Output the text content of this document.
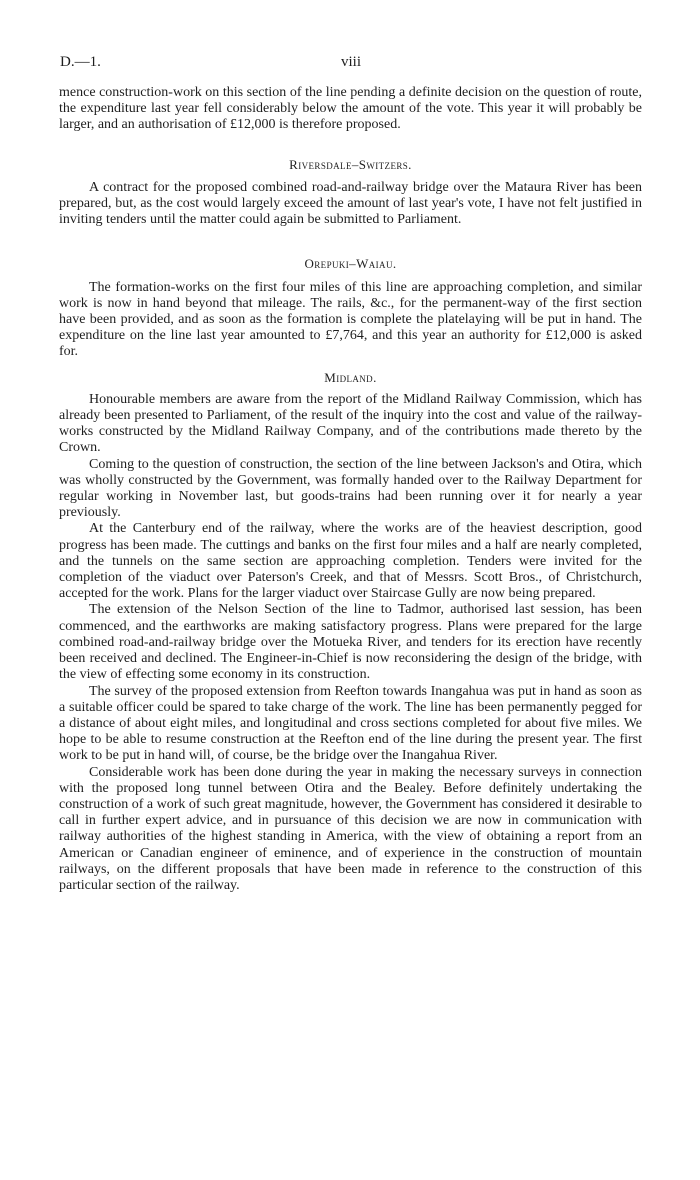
D.—1.	viii

mence construction-work on this section of the line pending a definite decision on the question of route, the expenditure last year fell considerably below the amount of the vote. This year it will probably be larger, and an authorisation of £12,000 is therefore proposed.

Riversdale–Switzers.

A contract for the proposed combined road-and-railway bridge over the Mataura River has been prepared, but, as the cost would largely exceed the amount of last year's vote, I have not felt justified in inviting tenders until the matter could again be submitted to Parliament.

Orepuki–Waiau.

The formation-works on the first four miles of this line are approaching completion, and similar work is now in hand beyond that mileage. The rails, &c., for the permanent-way of the first section have been provided, and as soon as the formation is complete the platelaying will be put in hand. The expenditure on the line last year amounted to £7,764, and this year an authority for £12,000 is asked for.

Midland.

Honourable members are aware from the report of the Midland Railway Commission, which has already been presented to Parliament, of the result of the inquiry into the cost and value of the railway-works constructed by the Midland Railway Company, and of the contributions made thereto by the Crown.

Coming to the question of construction, the section of the line between Jackson's and Otira, which was wholly constructed by the Government, was formally handed over to the Railway Department for regular working in November last, but goods-trains had been running over it for nearly a year previously.

At the Canterbury end of the railway, where the works are of the heaviest description, good progress has been made. The cuttings and banks on the first four miles and a half are nearly completed, and the tunnels on the same section are approaching completion. Tenders were invited for the completion of the viaduct over Paterson's Creek, and that of Messrs. Scott Bros., of Christchurch, accepted for the work. Plans for the larger viaduct over Staircase Gully are now being prepared.

The extension of the Nelson Section of the line to Tadmor, authorised last session, has been commenced, and the earthworks are making satisfactory progress. Plans were prepared for the large combined road-and-railway bridge over the Motueka River, and tenders for its erection have recently been received and declined. The Engineer-in-Chief is now reconsidering the design of the bridge, with the view of effecting some economy in its construction.

The survey of the proposed extension from Reefton towards Inangahua was put in hand as soon as a suitable officer could be spared to take charge of the work. The line has been permanently pegged for a distance of about eight miles, and longitudinal and cross sections completed for about five miles. We hope to be able to resume construction at the Reefton end of the line during the present year. The first work to be put in hand will, of course, be the bridge over the Inangahua River.

Considerable work has been done during the year in making the necessary surveys in connection with the proposed long tunnel between Otira and the Bealey. Before definitely undertaking the construction of a work of such great magnitude, however, the Government has considered it desirable to call in further expert advice, and in pursuance of this decision we are now in communication with railway authorities of the highest standing in America, with the view of obtaining a report from an American or Canadian engineer of eminence, and of experience in the construction of mountain railways, on the different proposals that have been made in reference to the construction of this particular section of the railway.
